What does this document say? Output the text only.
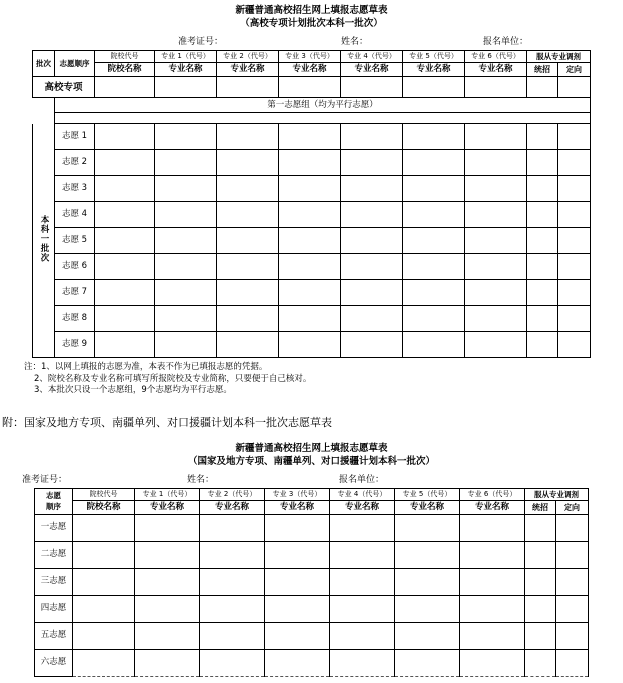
新疆普通高校招生网上填报志愿草表
（高校专项计划批次本科一批次）
准考证号：	姓名：	报名单位：
批次	志愿顺序	院校代号	专业 1（代号）	专业 2（代号）	专业 3（代号）	专业 4（代号）	专业 5（代号）	专业 6（代号）	服从专业调剂	
		院校名称	专业名称	专业名称	专业名称	专业名称	专业名称	专业名称	统招	定向
高校专项										
	第一志愿组（均为平行志愿）									

本科一批次	志愿 1									
	志愿 2									
	志愿 3									
	志愿 4									
	志愿 5									
	志愿 6									
	志愿 7									
	志愿 8									
	志愿 9									
注：1、以网上填报的志愿为准，本表不作为已填报志愿的凭据。
2、院校名称及专业名称可填写所报院校及专业简称，只要便于自己核对。
3、本批次只设一个志愿组，9个志愿均为平行志愿。
附：国家及地方专项、南疆单列、对口援疆计划本科一批次志愿草表
新疆普通高校招生网上填报志愿草表
（国家及地方专项、南疆单列、对口援疆计划本科一批次）
准考证号：	姓名：	报名单位：
志愿
顺序	院校代号	专业 1（代号）	专业 2（代号）	专业 3（代号）	专业 4（代号）	专业 5（代号）	专业 6（代号）	服从专业调剂	
	院校名称	专业名称	专业名称	专业名称	专业名称	专业名称	专业名称	统招	定向
一志愿									
二志愿									
三志愿									
四志愿									
五志愿									
六志愿									
